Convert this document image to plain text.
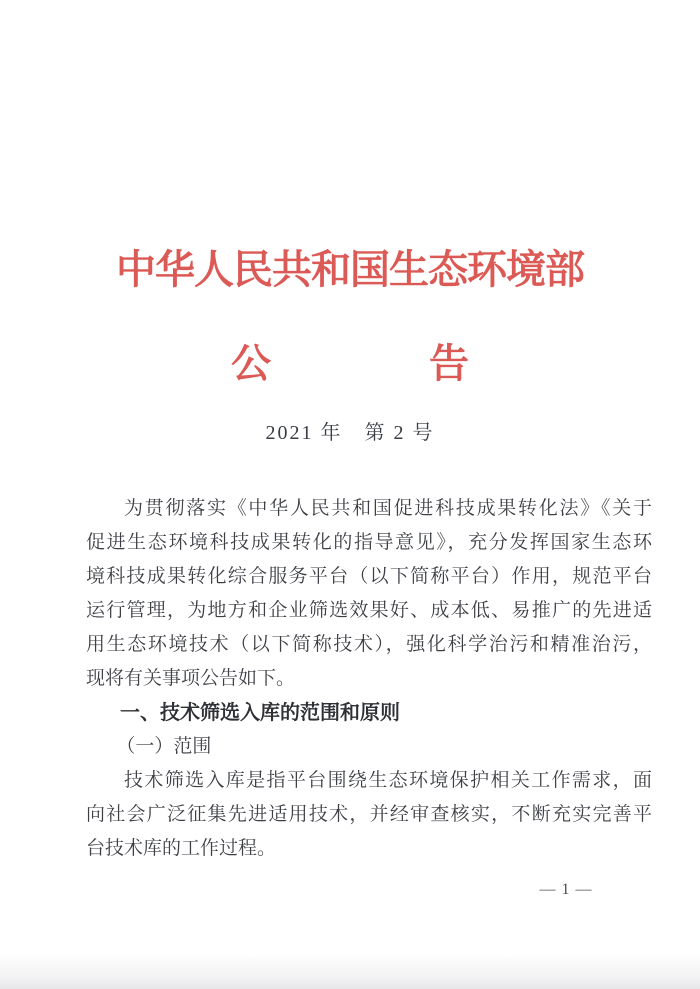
中华人民共和国生态环境部
公	告
2021 年　第 2 号
为贯彻落实《中华人民共和国促进科技成果转化法》《关于
促进生态环境科技成果转化的指导意见》，充分发挥国家生态环
境科技成果转化综合服务平台（以下简称平台）作用，规范平台
运行管理，为地方和企业筛选效果好、成本低、易推广的先进适
用生态环境技术（以下简称技术），强化科学治污和精准治污，
现将有关事项公告如下。
一、技术筛选入库的范围和原则
（一）范围
技术筛选入库是指平台围绕生态环境保护相关工作需求，面
向社会广泛征集先进适用技术，并经审查核实，不断充实完善平
台技术库的工作过程。
— 1 —
